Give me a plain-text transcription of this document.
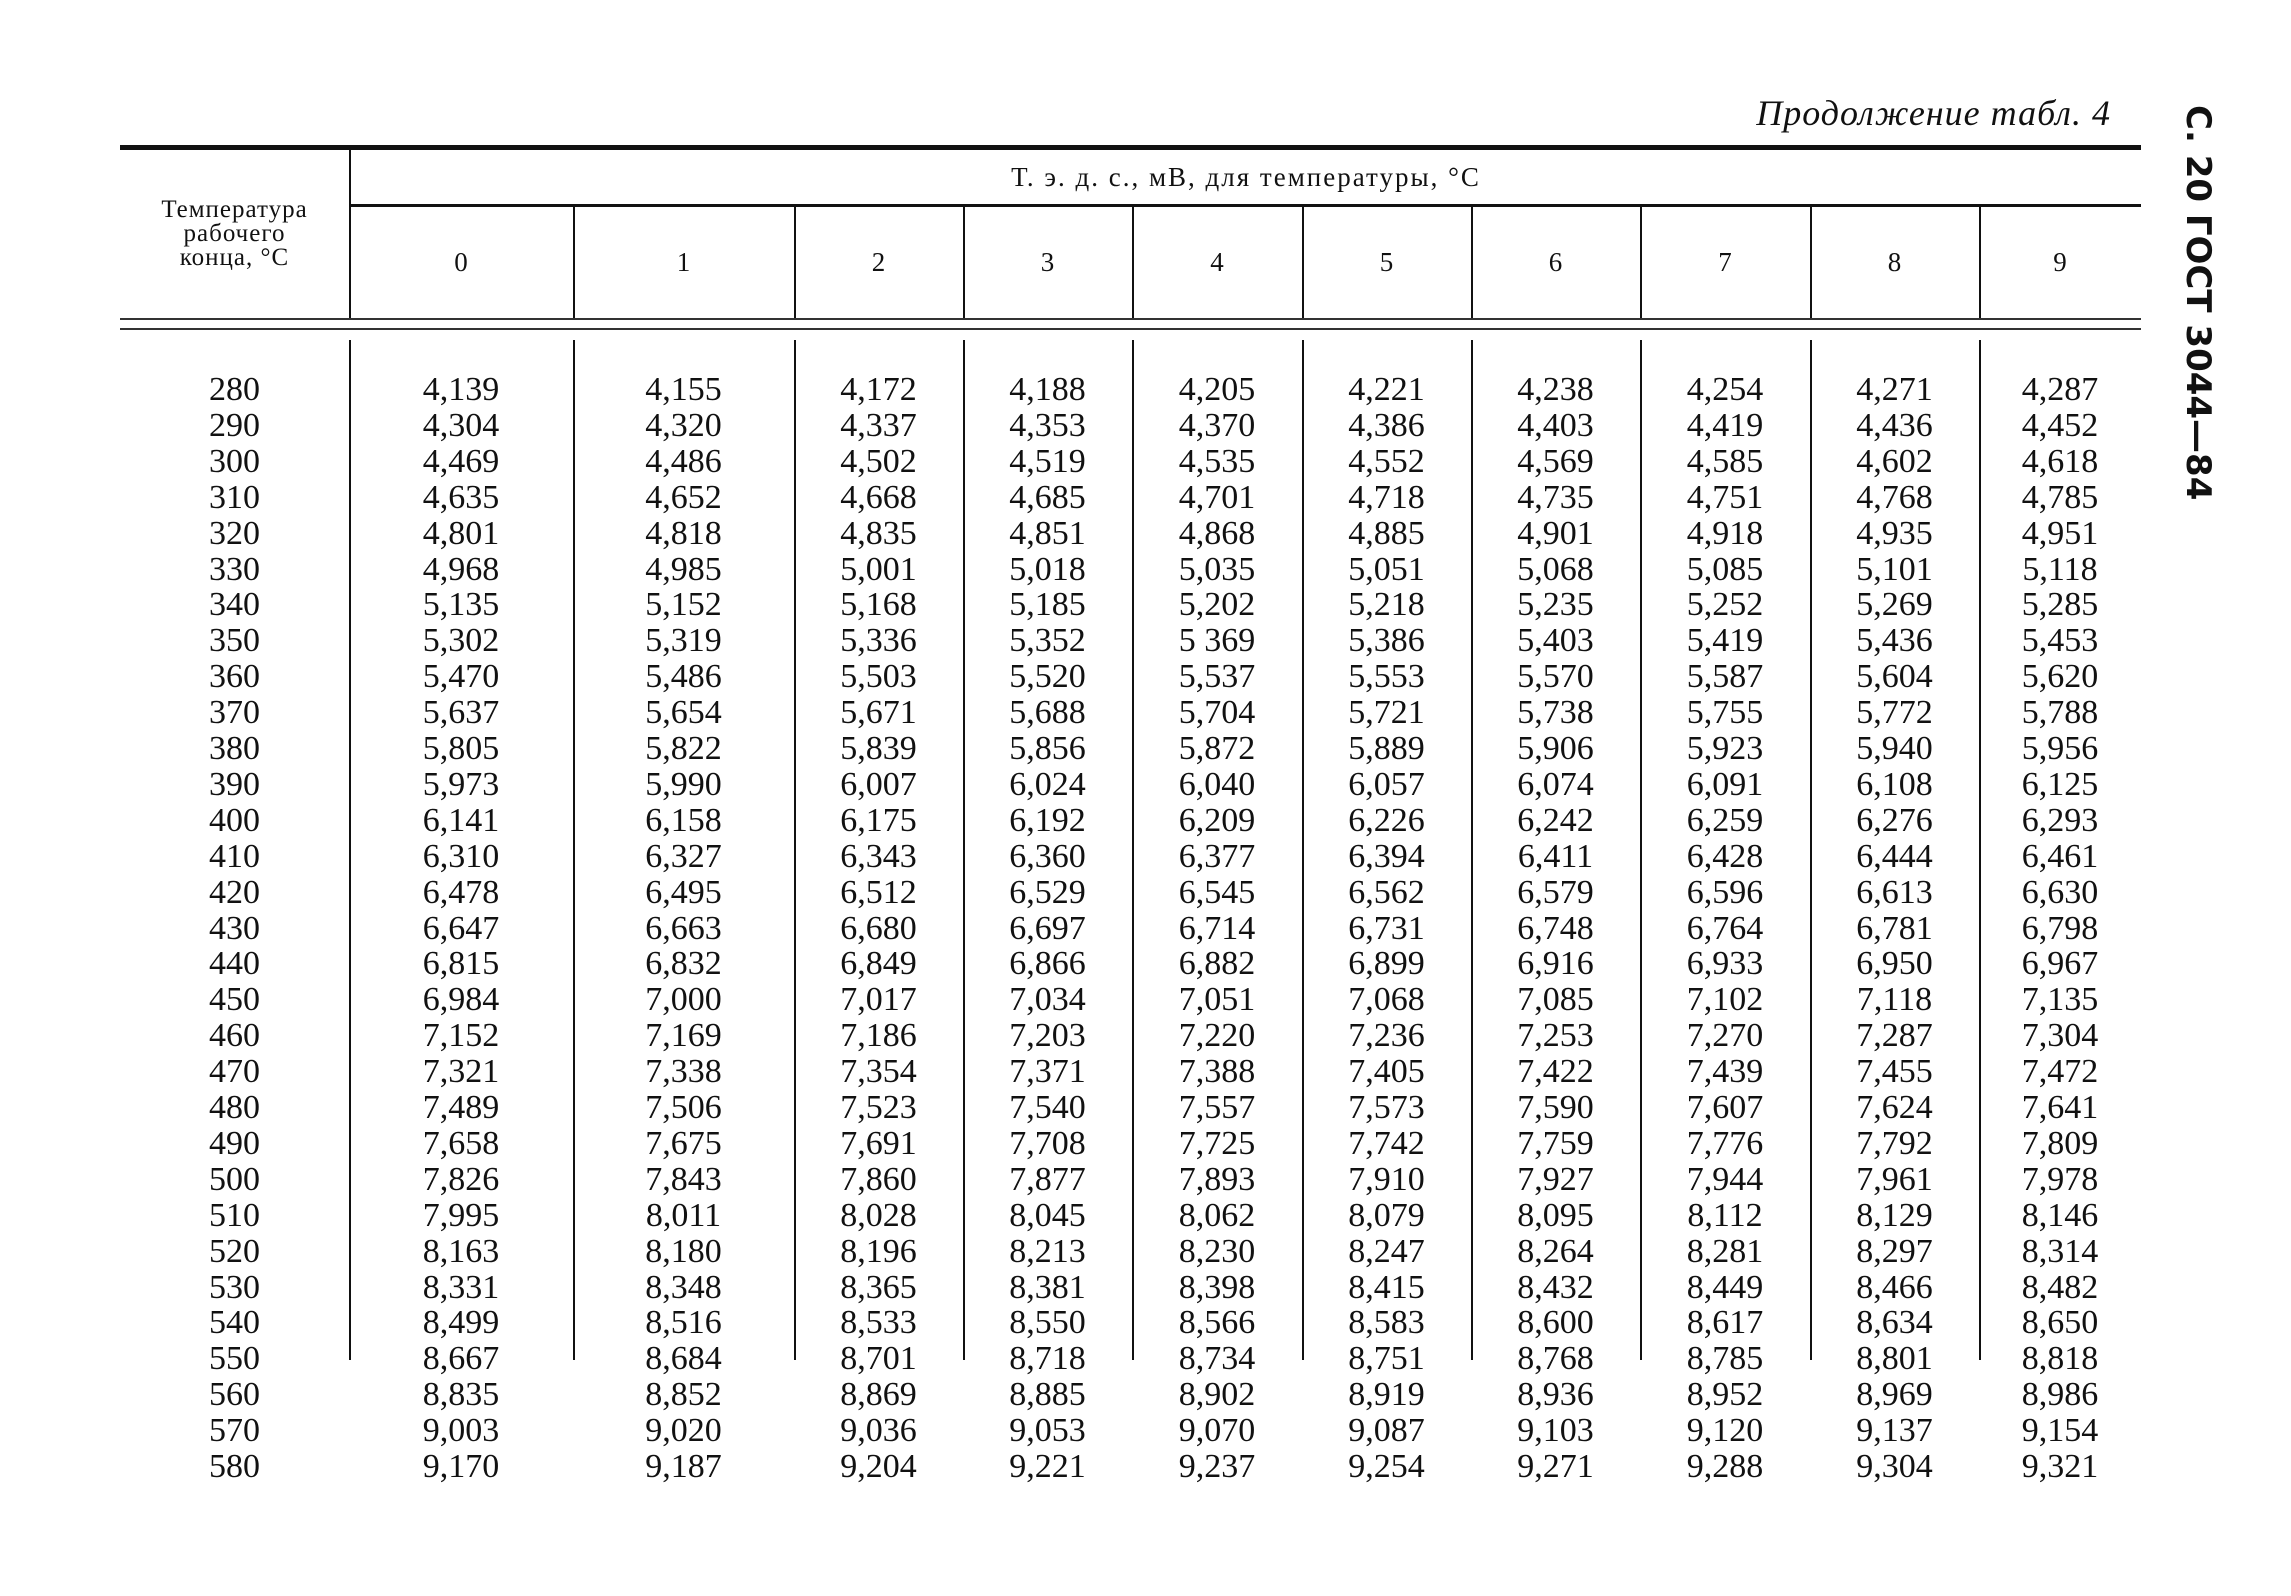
Продолжение табл. 4 С. 20 ГОСТ 3044—84
Температура
рабочего
конца, °С
Т. э. д. с., мВ, для температуры, °С
0	1	2	3	4	5	6	7	8	9
280	4,139	4,155	4,172	4,188	4,205	4,221	4,238	4,254	4,271	4,287
290	4,304	4,320	4,337	4,353	4,370	4,386	4,403	4,419	4,436	4,452
300	4,469	4,486	4,502	4,519	4,535	4,552	4,569	4,585	4,602	4,618
310	4,635	4,652	4,668	4,685	4,701	4,718	4,735	4,751	4,768	4,785
320	4,801	4,818	4,835	4,851	4,868	4,885	4,901	4,918	4,935	4,951
330	4,968	4,985	5,001	5,018	5,035	5,051	5,068	5,085	5,101	5,118
340	5,135	5,152	5,168	5,185	5,202	5,218	5,235	5,252	5,269	5,285
350	5,302	5,319	5,336	5,352	5 369	5,386	5,403	5,419	5,436	5,453
360	5,470	5,486	5,503	5,520	5,537	5,553	5,570	5,587	5,604	5,620
370	5,637	5,654	5,671	5,688	5,704	5,721	5,738	5,755	5,772	5,788
380	5,805	5,822	5,839	5,856	5,872	5,889	5,906	5,923	5,940	5,956
390	5,973	5,990	6,007	6,024	6,040	6,057	6,074	6,091	6,108	6,125
400	6,141	6,158	6,175	6,192	6,209	6,226	6,242	6,259	6,276	6,293
410	6,310	6,327	6,343	6,360	6,377	6,394	6,411	6,428	6,444	6,461
420	6,478	6,495	6,512	6,529	6,545	6,562	6,579	6,596	6,613	6,630
430	6,647	6,663	6,680	6,697	6,714	6,731	6,748	6,764	6,781	6,798
440	6,815	6,832	6,849	6,866	6,882	6,899	6,916	6,933	6,950	6,967
450	6,984	7,000	7,017	7,034	7,051	7,068	7,085	7,102	7,118	7,135
460	7,152	7,169	7,186	7,203	7,220	7,236	7,253	7,270	7,287	7,304
470	7,321	7,338	7,354	7,371	7,388	7,405	7,422	7,439	7,455	7,472
480	7,489	7,506	7,523	7,540	7,557	7,573	7,590	7,607	7,624	7,641
490	7,658	7,675	7,691	7,708	7,725	7,742	7,759	7,776	7,792	7,809
500	7,826	7,843	7,860	7,877	7,893	7,910	7,927	7,944	7,961	7,978
510	7,995	8,011	8,028	8,045	8,062	8,079	8,095	8,112	8,129	8,146
520	8,163	8,180	8,196	8,213	8,230	8,247	8,264	8,281	8,297	8,314
530	8,331	8,348	8,365	8,381	8,398	8,415	8,432	8,449	8,466	8,482
540	8,499	8,516	8,533	8,550	8,566	8,583	8,600	8,617	8,634	8,650
550	8,667	8,684	8,701	8,718	8,734	8,751	8,768	8,785	8,801	8,818
560	8,835	8,852	8,869	8,885	8,902	8,919	8,936	8,952	8,969	8,986
570	9,003	9,020	9,036	9,053	9,070	9,087	9,103	9,120	9,137	9,154
580	9,170	9,187	9,204	9,221	9,237	9,254	9,271	9,288	9,304	9,321
